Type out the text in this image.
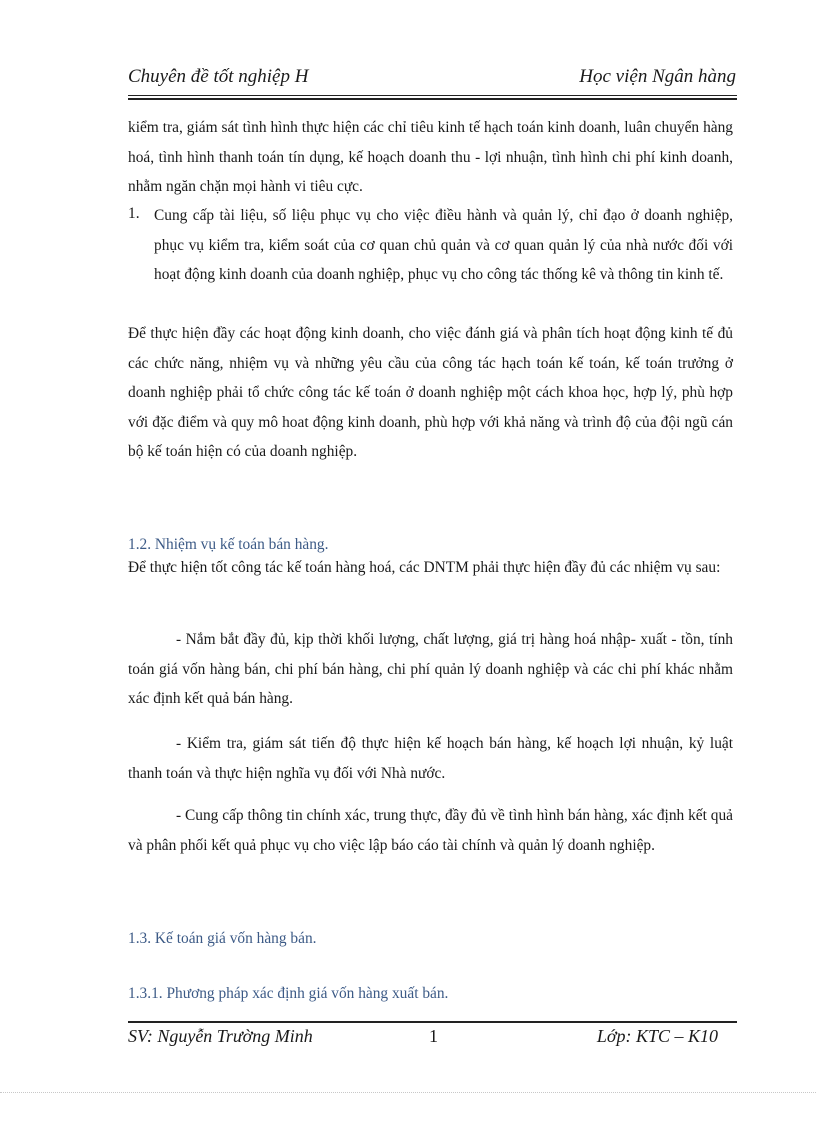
Chuyên đề tốt nghiệp H	Học viện Ngân hàng

kiểm tra, giám sát tình hình thực hiện các chỉ tiêu kinh tế hạch toán kinh doanh, luân chuyển hàng hoá, tình hình thanh toán tín dụng, kế hoạch doanh thu - lợi nhuận, tình hình chi phí kinh doanh, nhằm ngăn chặn mọi hành vi tiêu cực.

1. Cung cấp tài liệu, số liệu phục vụ cho việc điều hành và quản lý, chỉ đạo ở doanh nghiệp, phục vụ kiểm tra, kiểm soát của cơ quan chủ quản và cơ quan quản lý của nhà nước đối với hoạt động kinh doanh của doanh nghiệp, phục vụ cho công tác thống kê và thông tin kinh tế.

Để thực hiện đầy các hoạt động kinh doanh, cho việc đánh giá và phân tích hoạt động kinh tế đủ các chức năng, nhiệm vụ và những yêu cầu của công tác hạch toán kế toán, kế toán trưởng ở doanh nghiệp phải tổ chức công tác kế toán ở doanh nghiệp một cách khoa học, hợp lý, phù hợp với đặc điểm và quy mô hoat động kinh doanh, phù hợp với khả năng và trình độ của đội ngũ cán bộ kế toán hiện có của doanh nghiệp.

1.2. Nhiệm vụ kế toán bán hàng.

Để thực hiện tốt công tác kế toán hàng hoá, các DNTM phải thực hiện đầy đủ các nhiệm vụ sau:

- Nắm bắt đầy đủ, kịp thời khối lượng, chất lượng, giá trị hàng hoá nhập- xuất - tồn, tính toán giá vốn hàng bán, chi phí bán hàng, chi phí quản lý doanh nghiệp và các chi phí khác nhằm xác định kết quả bán hàng.

- Kiểm tra, giám sát tiến độ thực hiện kế hoạch bán hàng, kế hoạch lợi nhuận, kỷ luật thanh toán và thực hiện nghĩa vụ đối với Nhà nước.

- Cung cấp thông tin chính xác, trung thực, đầy đủ về tình hình bán hàng, xác định kết quả và phân phối kết quả phục vụ cho việc lập báo cáo tài chính và quản lý doanh nghiệp.

1.3. Kế toán giá vốn hàng bán.

1.3.1. Phương pháp xác định giá vốn hàng xuất bán.

SV: Nguyễn Trường Minh	1	Lớp: KTC – K10
